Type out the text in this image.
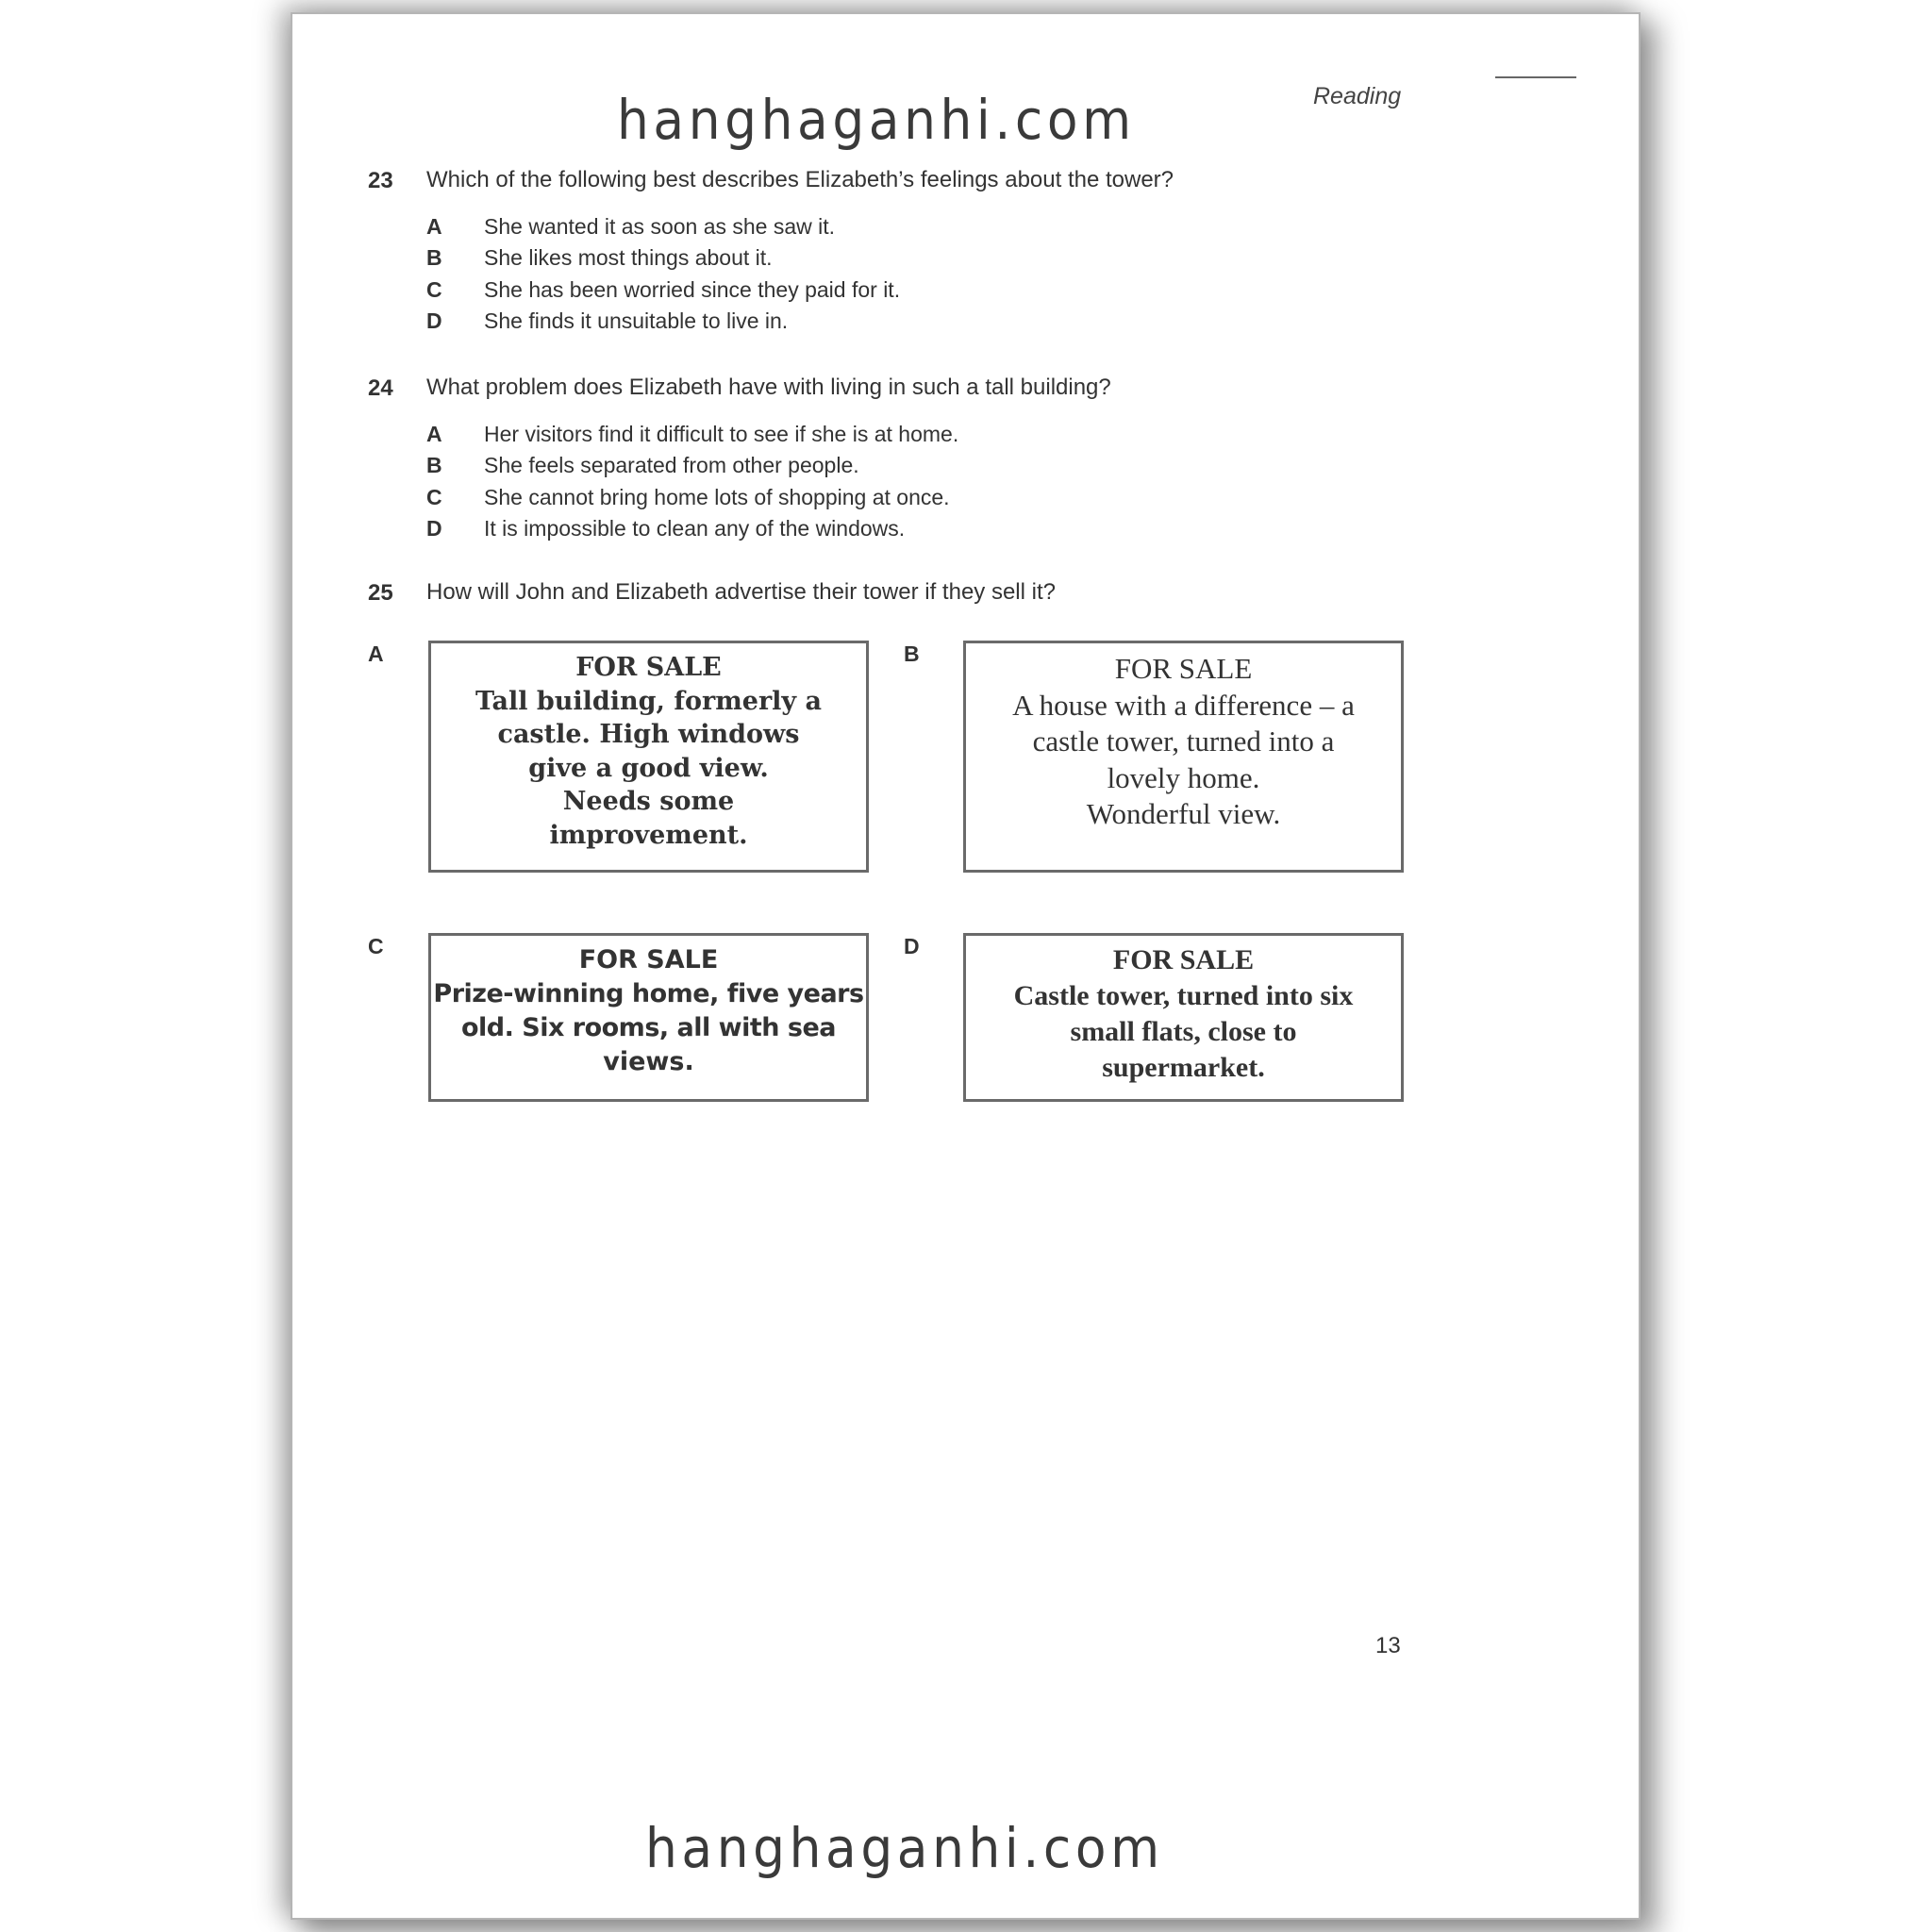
hanghaganhi.com	Reading
23 Which of the following best describes Elizabeth’s feelings about the tower?
A	She wanted it as soon as she saw it.
B	She likes most things about it.
C	She has been worried since they paid for it.
D	She finds it unsuitable to live in.
24 What problem does Elizabeth have with living in such a tall building?
A	Her visitors find it difficult to see if she is at home.
B	She feels separated from other people.
C	She cannot bring home lots of shopping at once.
D	It is impossible to clean any of the windows.
25 How will John and Elizabeth advertise their tower if they sell it?
A	FOR SALE
Tall building, formerly a
castle. High windows
give a good view.
Needs some
improvement.
B	FOR SALE
A house with a difference – a
castle tower, turned into a
lovely home.
Wonderful view.
C	FOR SALE
Prize-winning home, five years
old. Six rooms, all with sea
views.
D	FOR SALE
Castle tower, turned into six
small flats, close to
supermarket.
13
hanghaganhi.com
